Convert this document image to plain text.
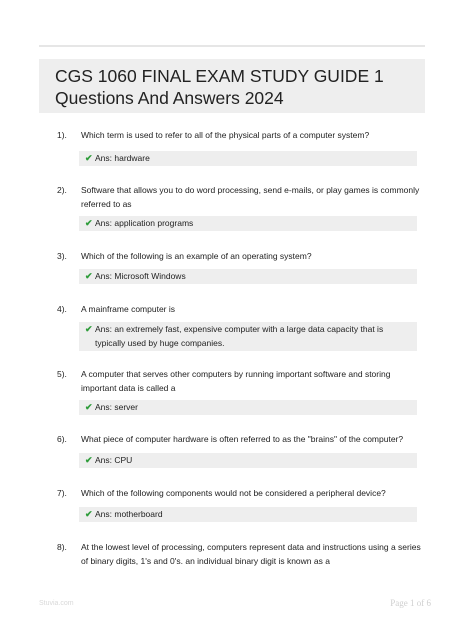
CGS 1060 FINAL EXAM STUDY GUIDE 1
Questions And Answers 2024
1). Which term is used to refer to all of the physical parts of a computer system?
✔ Ans: hardware
2). Software that allows you to do word processing, send e-mails, or play games is commonly referred to as
✔ Ans: application programs
3). Which of the following is an example of an operating system?
✔ Ans: Microsoft Windows
4). A mainframe computer is
✔ Ans: an extremely fast, expensive computer with a large data capacity that is typically used by huge companies.
5). A computer that serves other computers by running important software and storing important data is called a
✔ Ans: server
6). What piece of computer hardware is often referred to as the "brains" of the computer?
✔ Ans: CPU
7). Which of the following components would not be considered a peripheral device?
✔ Ans: motherboard
8). At the lowest level of processing, computers represent data and instructions using a series of binary digits, 1's and 0's. an individual binary digit is known as a
Stuvia.com	Page 1 of 6
